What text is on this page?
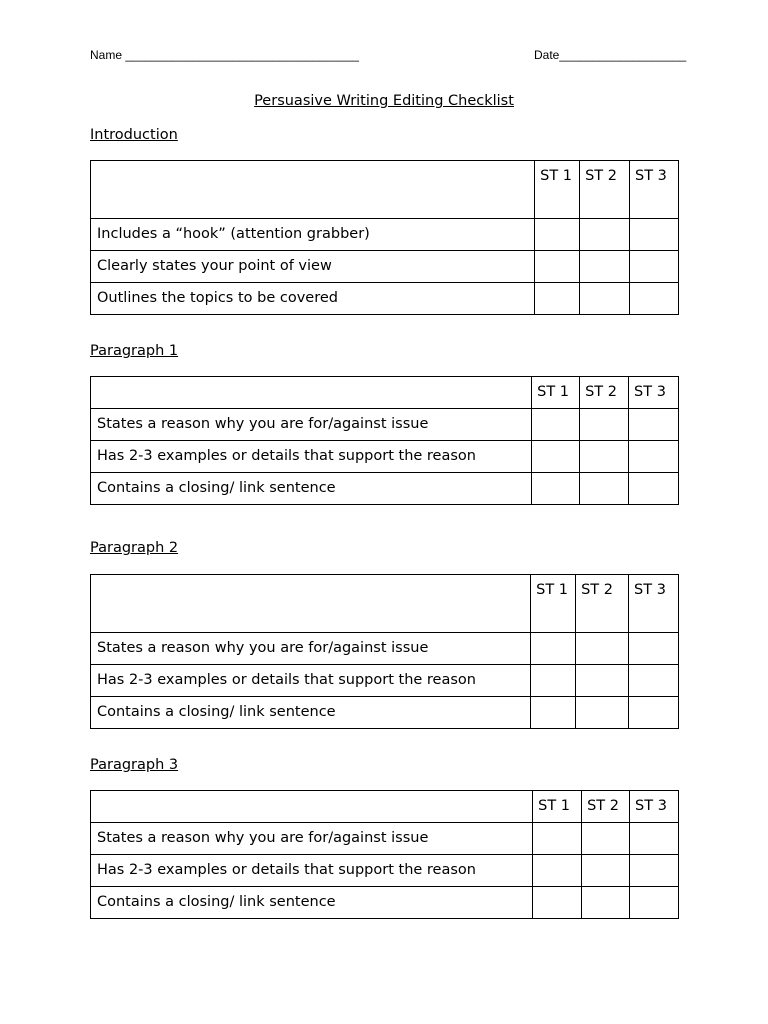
Name ___________________________________	Date___________________
Persuasive Writing Editing Checklist
Introduction
	ST 1	ST 2	ST 3
Includes a “hook” (attention grabber)			
Clearly states your point of view			
Outlines the topics to be covered			
Paragraph 1
	ST 1	ST 2	ST 3
States a reason why you are for/against issue			
Has 2-3 examples or details that support the reason			
Contains a closing/ link sentence			
Paragraph 2
	ST 1	ST 2	ST 3
States a reason why you are for/against issue			
Has 2-3 examples or details that support the reason			
Contains a closing/ link sentence			
Paragraph 3
	ST 1	ST 2	ST 3
States a reason why you are for/against issue			
Has 2-3 examples or details that support the reason			
Contains a closing/ link sentence			
